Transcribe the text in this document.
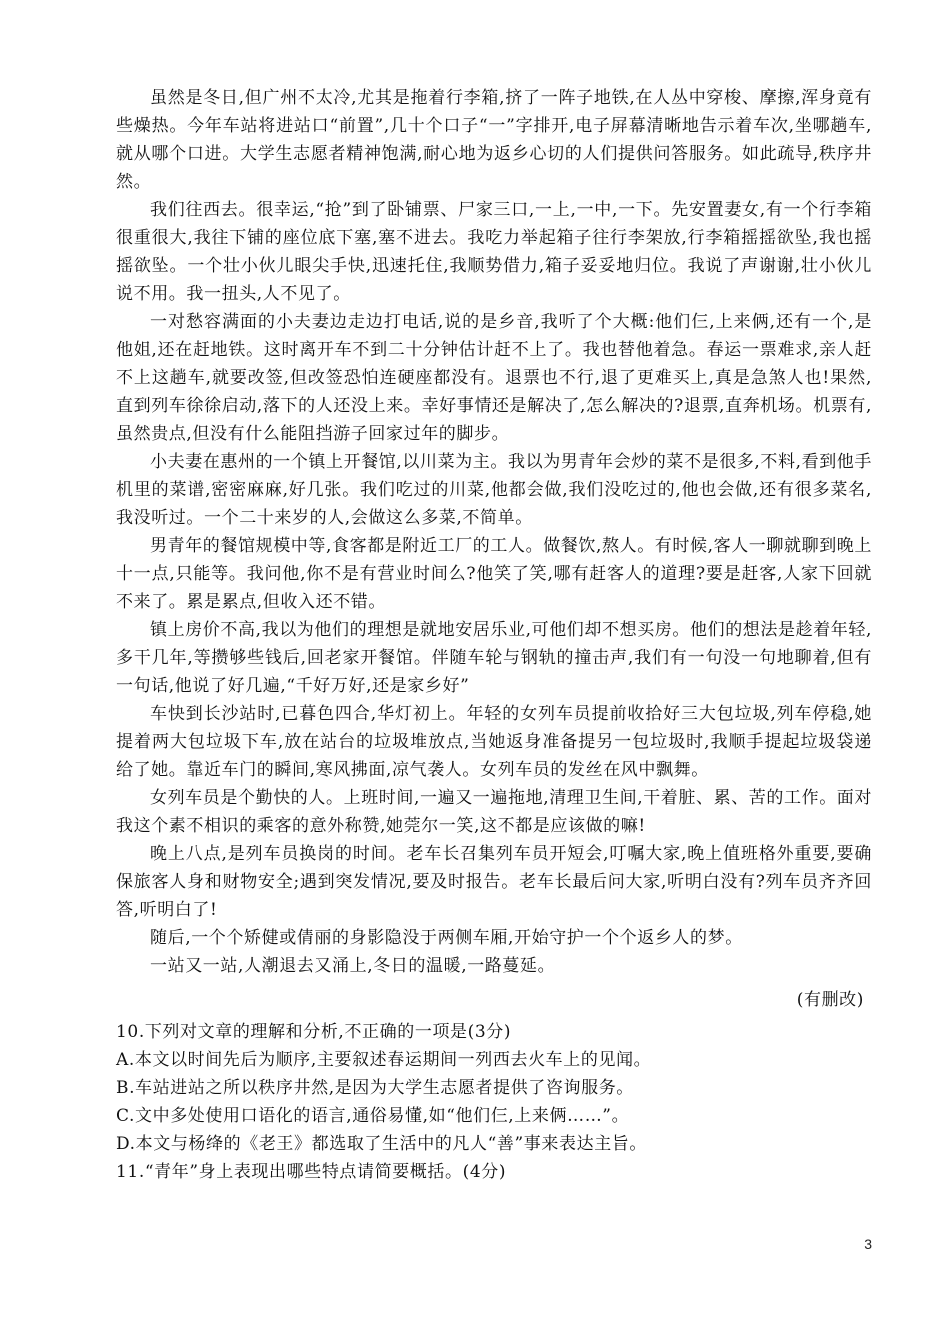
虽然是冬日,但广州不太冷,尤其是拖着行李箱,挤了一阵子地铁,在人丛中穿梭、摩擦,浑身竟有些燥热。今年车站将进站口“前置”,几十个口子“一”字排开,电子屏幕清晰地告示着车次,坐哪趟车,就从哪个口进。大学生志愿者精神饱满,耐心地为返乡心切的人们提供问答服务。如此疏导,秩序井然。

我们往西去。很幸运,“抢”到了卧铺票、尸家三口,一上,一中,一下。先安置妻女,有一个行李箱很重很大,我往下铺的座位底下塞,塞不进去。我吃力举起箱子往行李架放,行李箱摇摇欲坠,我也摇摇欲坠。一个壮小伙儿眼尖手快,迅速托住,我顺势借力,箱子妥妥地归位。我说了声谢谢,壮小伙儿说不用。我一扭头,人不见了。

一对愁容满面的小夫妻边走边打电话,说的是乡音,我听了个大概:他们仨,上来俩,还有一个,是他姐,还在赶地铁。这时离开车不到二十分钟估计赶不上了。我也替他着急。春运一票难求,亲人赶不上这趟车,就要改签,但改签恐怕连硬座都没有。退票也不行,退了更难买上,真是急煞人也!果然,直到列车徐徐启动,落下的人还没上来。幸好事情还是解决了,怎么解决的?退票,直奔机场。机票有,虽然贵点,但没有什么能阻挡游子回家过年的脚步。

小夫妻在惠州的一个镇上开餐馆,以川菜为主。我以为男青年会炒的菜不是很多,不料,看到他手机里的菜谱,密密麻麻,好几张。我们吃过的川菜,他都会做,我们没吃过的,他也会做,还有很多菜名,我没听过。一个二十来岁的人,会做这么多菜,不简单。

男青年的餐馆规模中等,食客都是附近工厂的工人。做餐饮,熬人。有时候,客人一聊就聊到晚上十一点,只能等。我问他,你不是有营业时间么?他笑了笑,哪有赶客人的道理?要是赶客,人家下回就不来了。累是累点,但收入还不错。

镇上房价不高,我以为他们的理想是就地安居乐业,可他们却不想买房。他们的想法是趁着年轻,多干几年,等攒够些钱后,回老家开餐馆。伴随车轮与钢轨的撞击声,我们有一句没一句地聊着,但有一句话,他说了好几遍,“千好万好,还是家乡好”

车快到长沙站时,已暮色四合,华灯初上。年轻的女列车员提前收拾好三大包垃圾,列车停稳,她提着两大包垃圾下车,放在站台的垃圾堆放点,当她返身准备提另一包垃圾时,我顺手提起垃圾袋递给了她。靠近车门的瞬间,寒风拂面,凉气袭人。女列车员的发丝在风中飘舞。

女列车员是个勤快的人。上班时间,一遍又一遍拖地,清理卫生间,干着脏、累、苦的工作。面对我这个素不相识的乘客的意外称赞,她莞尔一笑,这不都是应该做的嘛!

晚上八点,是列车员换岗的时间。老车长召集列车员开短会,叮嘱大家,晚上值班格外重要,要确保旅客人身和财物安全;遇到突发情况,要及时报告。老车长最后问大家,听明白没有?列车员齐齐回答,听明白了!

随后,一个个矫健或倩丽的身影隐没于两侧车厢,开始守护一个个返乡人的梦。

一站又一站,人潮退去又涌上,冬日的温暖,一路蔓延。

(有删改)

10.下列对文章的理解和分析,不正确的一项是(3分)

A.本文以时间先后为顺序,主要叙述春运期间一列西去火车上的见闻。

B.车站进站之所以秩序井然,是因为大学生志愿者提供了咨询服务。

C.文中多处使用口语化的语言,通俗易懂,如“他们仨,上来俩……”。

D.本文与杨绛的《老王》都选取了生活中的凡人“善”事来表达主旨。

11.“青年”身上表现出哪些特点请简要概括。(4分)

3
